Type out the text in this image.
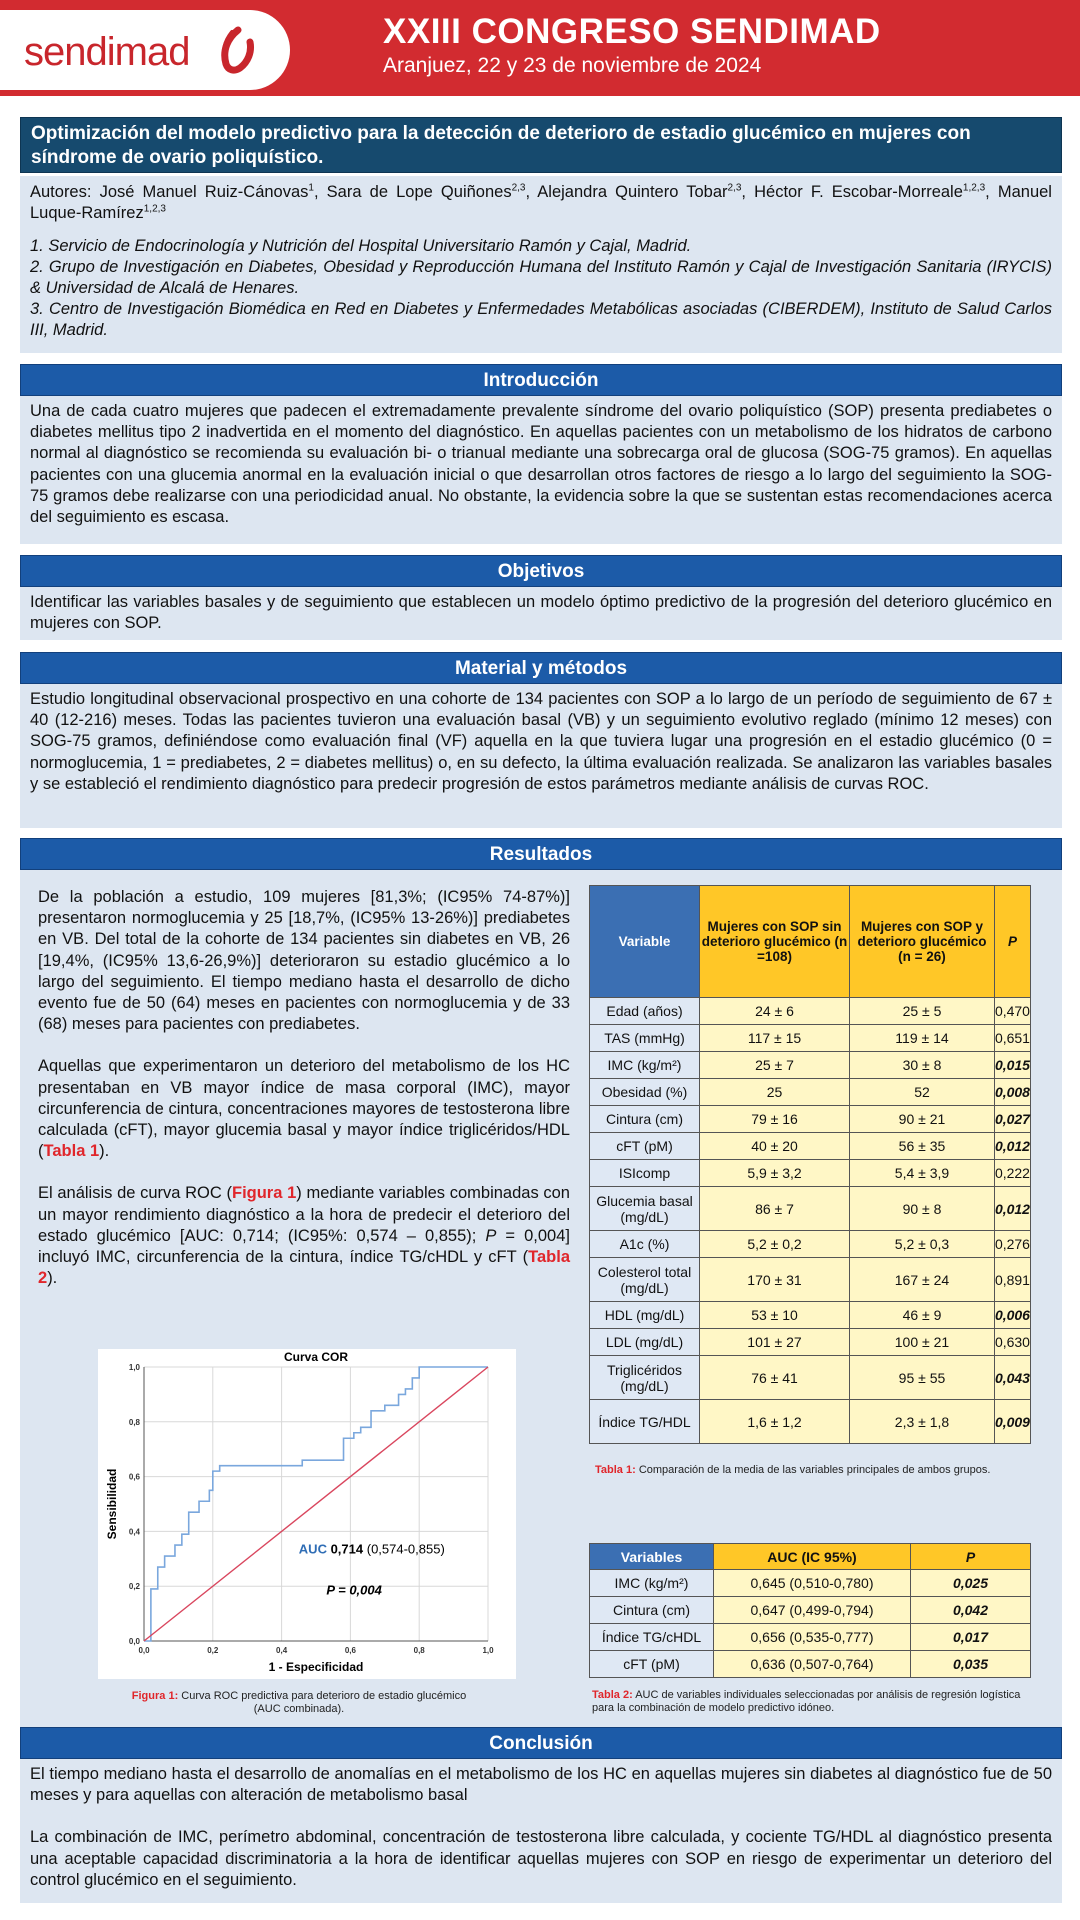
sendimad	XXIII CONGRESO SENDIMAD
Aranjuez, 22 y 23 de noviembre de 2024
Optimización del modelo predictivo para la detección de deterioro de estadio glucémico en mujeres con síndrome de ovario poliquístico.
Autores: José Manuel Ruiz-Cánovas$^1$, Sara de Lope Quiñones$^{2,3}$, Alejandra Quintero Tobar$^{2,3}$, Héctor F. Escobar-Morreale$^{1,2,3}$, Manuel Luque-Ramírez$^{1,2,3}$
1. Servicio de Endocrinología y Nutrición del Hospital Universitario Ramón y Cajal, Madrid.
2. Grupo de Investigación en Diabetes, Obesidad y Reproducción Humana del Instituto Ramón y Cajal de Investigación Sanitaria (IRYCIS) & Universidad de Alcalá de Henares.
3. Centro de Investigación Biomédica en Red en Diabetes y Enfermedades Metabólicas asociadas (CIBERDEM), Instituto de Salud Carlos III, Madrid.
Introducción
Una de cada cuatro mujeres que padecen el extremadamente prevalente síndrome del ovario poliquístico (SOP) presenta prediabetes o diabetes mellitus tipo 2 inadvertida en el momento del diagnóstico. En aquellas pacientes con un metabolismo de los hidratos de carbono normal al diagnóstico se recomienda su evaluación bi- o trianual mediante una sobrecarga oral de glucosa (SOG-75 gramos). En aquellas pacientes con una glucemia anormal en la evaluación inicial o que desarrollan otros factores de riesgo a lo largo del seguimiento la SOG-75 gramos debe realizarse con una periodicidad anual. No obstante, la evidencia sobre la que se sustentan estas recomendaciones acerca del seguimiento es escasa.
Objetivos
Identificar las variables basales y de seguimiento que establecen un modelo óptimo predictivo de la progresión del deterioro glucémico en mujeres con SOP.
Material y métodos
Estudio longitudinal observacional prospectivo en una cohorte de 134 pacientes con SOP a lo largo de un período de seguimiento de 67 ± 40 (12-216) meses. Todas las pacientes tuvieron una evaluación basal (VB) y un seguimiento evolutivo reglado (mínimo 12 meses) con SOG-75 gramos, definiéndose como evaluación final (VF) aquella en la que tuviera lugar una progresión en el estadio glucémico (0 = normoglucemia, 1 = prediabetes, 2 = diabetes mellitus) o, en su defecto, la última evaluación realizada. Se analizaron las variables basales y se estableció el rendimiento diagnóstico para predecir progresión de estos parámetros mediante análisis de curvas ROC.
Resultados

De la población a estudio, 109 mujeres [81,3%; (IC95% 74-87%)] presentaron normoglucemia y 25 [18,7%, (IC95% 13-26%)] prediabetes en VB. Del total de la cohorte de 134 pacientes sin diabetes en VB, 26 [19,4%, (IC95% 13,6-26,9%)] deterioraron su estadio glucémico a lo largo del seguimiento. El tiempo mediano hasta el desarrollo de dicho evento fue de 50 (64) meses en pacientes con normoglucemia y de 33 (68) meses para pacientes con prediabetes.

Aquellas que experimentaron un deterioro del metabolismo de los HC presentaban en VB mayor índice de masa corporal (IMC), mayor circunferencia de cintura, concentraciones mayores de testosterona libre calculada (cFT), mayor glucemia basal y mayor índice triglicéridos/HDL (Tabla 1).

El análisis de curva ROC (Figura 1) mediante variables combinadas con un mayor rendimiento diagnóstico a la hora de predecir el deterioro del estado glucémico [AUC: 0,714; (IC95%: 0,574 – 0,855); P = 0,004] incluyó IMC, circunferencia de la cintura, índice TG/cHDL y cFT (Tabla 2).

0,0
0,0
0,2
0,2
0,4
0,4
0,6
0,6
0,8
0,8
1,0
1,0
Curva COR
1 - Especificidad
Sensibilidad
AUC 0,714 (0,574-0,855)
P = 0,004
Figura 1: Curva ROC predictiva para deterioro de estadio glucémico (AUC combinada).
Variable	Mujeres con SOP sin deterioro glucémico (n =108)	Mujeres con SOP y deterioro glucémico (n = 26)	P
Edad (años)	24 ± 6	25 ± 5	0,470
TAS (mmHg)	117 ± 15	119 ± 14	0,651
IMC (kg/m²)	25 ± 7	30 ± 8	0,015
Obesidad (%)	25	52	0,008
Cintura (cm)	79 ± 16	90 ± 21	0,027
cFT (pM)	40 ± 20	56 ± 35	0,012
ISIcomp	5,9 ± 3,2	5,4 ± 3,9	0,222
Glucemia basal (mg/dL)	86 ± 7	90 ± 8	0,012
A1c (%)	5,2 ± 0,2	5,2 ± 0,3	0,276
Colesterol total (mg/dL)	170 ± 31	167 ± 24	0,891
HDL (mg/dL)	53 ± 10	46 ± 9	0,006
LDL (mg/dL)	101 ± 27	100 ± 21	0,630
Triglicéridos (mg/dL)	76 ± 41	95 ± 55	0,043
Índice TG/HDL	1,6 ± 1,2	2,3 ± 1,8	0,009
Tabla 1: Comparación de la media de las variables principales de ambos grupos.
Variables	AUC (IC 95%)	P
IMC (kg/m²)	0,645 (0,510-0,780)	0,025
Cintura (cm)	0,647 (0,499-0,794)	0,042
Índice TG/cHDL	0,656 (0,535-0,777)	0,017
cFT (pM)	0,636 (0,507-0,764)	0,035
Tabla 2: AUC de variables individuales seleccionadas por análisis de regresión logística para la combinación de modelo predictivo idóneo.
Conclusión

El tiempo mediano hasta el desarrollo de anomalías en el metabolismo de los HC en aquellas mujeres sin diabetes al diagnóstico fue de 50 meses y para aquellas con alteración de metabolismo basal

La combinación de IMC, perímetro abdominal, concentración de testosterona libre calculada, y cociente TG/HDL al diagnóstico presenta una aceptable capacidad discriminatoria a la hora de identificar aquellas mujeres con SOP en riesgo de experimentar un deterioro del control glucémico en el seguimiento.
